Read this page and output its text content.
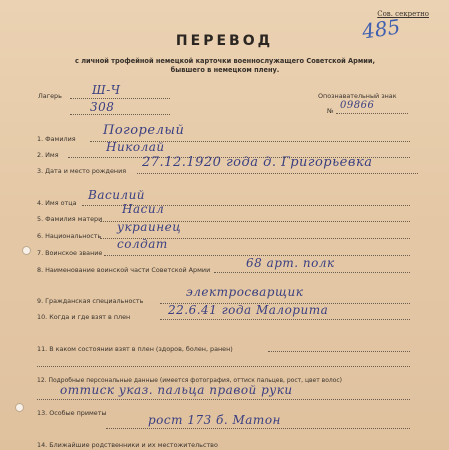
Сов. секретно
485
ПЕРЕВОД
с личной трофейной немецкой карточки военнослужащего Советской Армии,
бывшего в немецком плену.
Лагерь	Ш-Ч
308
Опознавательный знак
№ 09866
1. Фамилия
Погорелый
2. Имя
Николай
3. Дата и место рождения
27.12.1920 года д. Григорьевка
4. Имя отца
Василий
5. Фамилия матери
Насил
6. Национальность
украинец
7. Воинское звание
солдат
8. Наименование воинской части Советской Армии	68 арт. полк
9. Гражданская специальность
электросварщик
10. Когда и где взят в плен	22.6.41 года Малорита
11. В каком состоянии взят в плен (здоров, болен, ранен)
12. Подробные персональные данные (имеется фотография, оттиск пальцев, рост, цвет волос)
оттиск указ. пальца правой руки
13. Особые приметы	рост 173 б. Матон
14. Ближайшие родственники и их местожительство
